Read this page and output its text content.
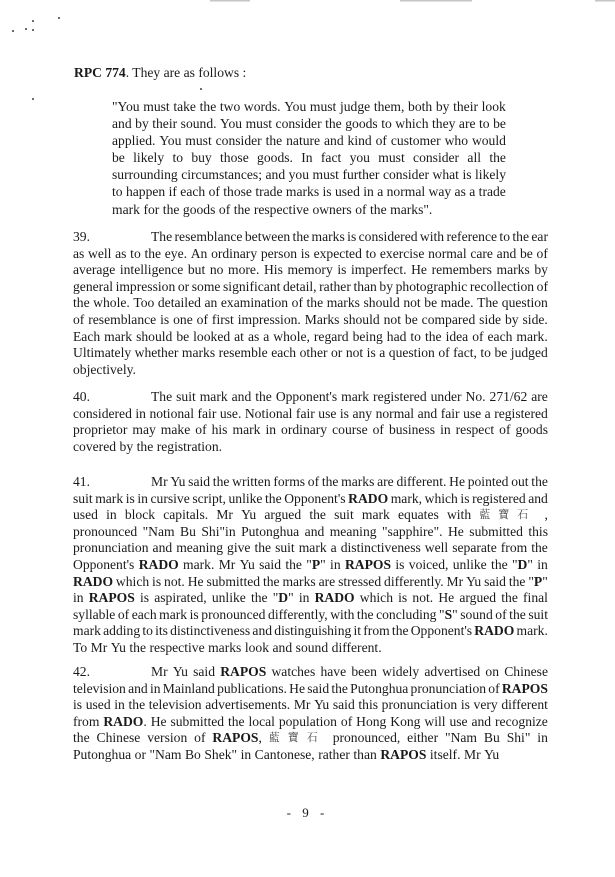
RPC 774. They are as follows :
"You must take the two words. You must judge them, both by their look
and by their sound. You must consider the goods to which they are to be
applied. You must consider the nature and kind of customer who would
be likely to buy those goods. In fact you must consider all the
surrounding circumstances; and you must further consider what is likely
to happen if each of those trade marks is used in a normal way as a trade
mark for the goods of the respective owners of the marks".
39.	The resemblance between the marks is considered with reference to the ear
as well as to the eye. An ordinary person is expected to exercise normal care and be of
average intelligence but no more. His memory is imperfect. He remembers marks by
general impression or some significant detail, rather than by photographic recollection of
the whole. Too detailed an examination of the marks should not be made. The question
of resemblance is one of first impression. Marks should not be compared side by side.
Each mark should be looked at as a whole, regard being had to the idea of each mark.
Ultimately whether marks resemble each other or not is a question of fact, to be judged
objectively.
40.	The suit mark and the Opponent's mark registered under No. 271/62 are
considered in notional fair use. Notional fair use is any normal and fair use a registered
proprietor may make of his mark in ordinary course of business in respect of goods
covered by the registration.
41.	Mr Yu said the written forms of the marks are different. He pointed out the
suit mark is in cursive script, unlike the Opponent's RADO mark, which is registered and
used in block capitals. Mr Yu argued the suit mark equates with 藍寶石 ,
pronounced "Nam Bu Shi"in Putonghua and meaning "sapphire". He submitted this
pronunciation and meaning give the suit mark a distinctiveness well separate from the
Opponent's RADO mark. Mr Yu said the "P" in RAPOS is voiced, unlike the "D" in
RADO which is not. He submitted the marks are stressed differently. Mr Yu said the "P"
in RAPOS is aspirated, unlike the "D" in RADO which is not. He argued the final
syllable of each mark is pronounced differently, with the concluding "S" sound of the suit
mark adding to its distinctiveness and distinguishing it from the Opponent's RADO mark.
To Mr Yu the respective marks look and sound different.
42.	Mr Yu said RAPOS watches have been widely advertised on Chinese
television and in Mainland publications. He said the Putonghua pronunciation of RAPOS
is used in the television advertisements. Mr Yu said this pronunciation is very different
from RADO. He submitted the local population of Hong Kong will use and recognize
the Chinese version of RAPOS, 藍寶石 pronounced, either "Nam Bu Shi" in
Putonghua or "Nam Bo Shek" in Cantonese, rather than RAPOS itself. Mr Yu
- 9 -
